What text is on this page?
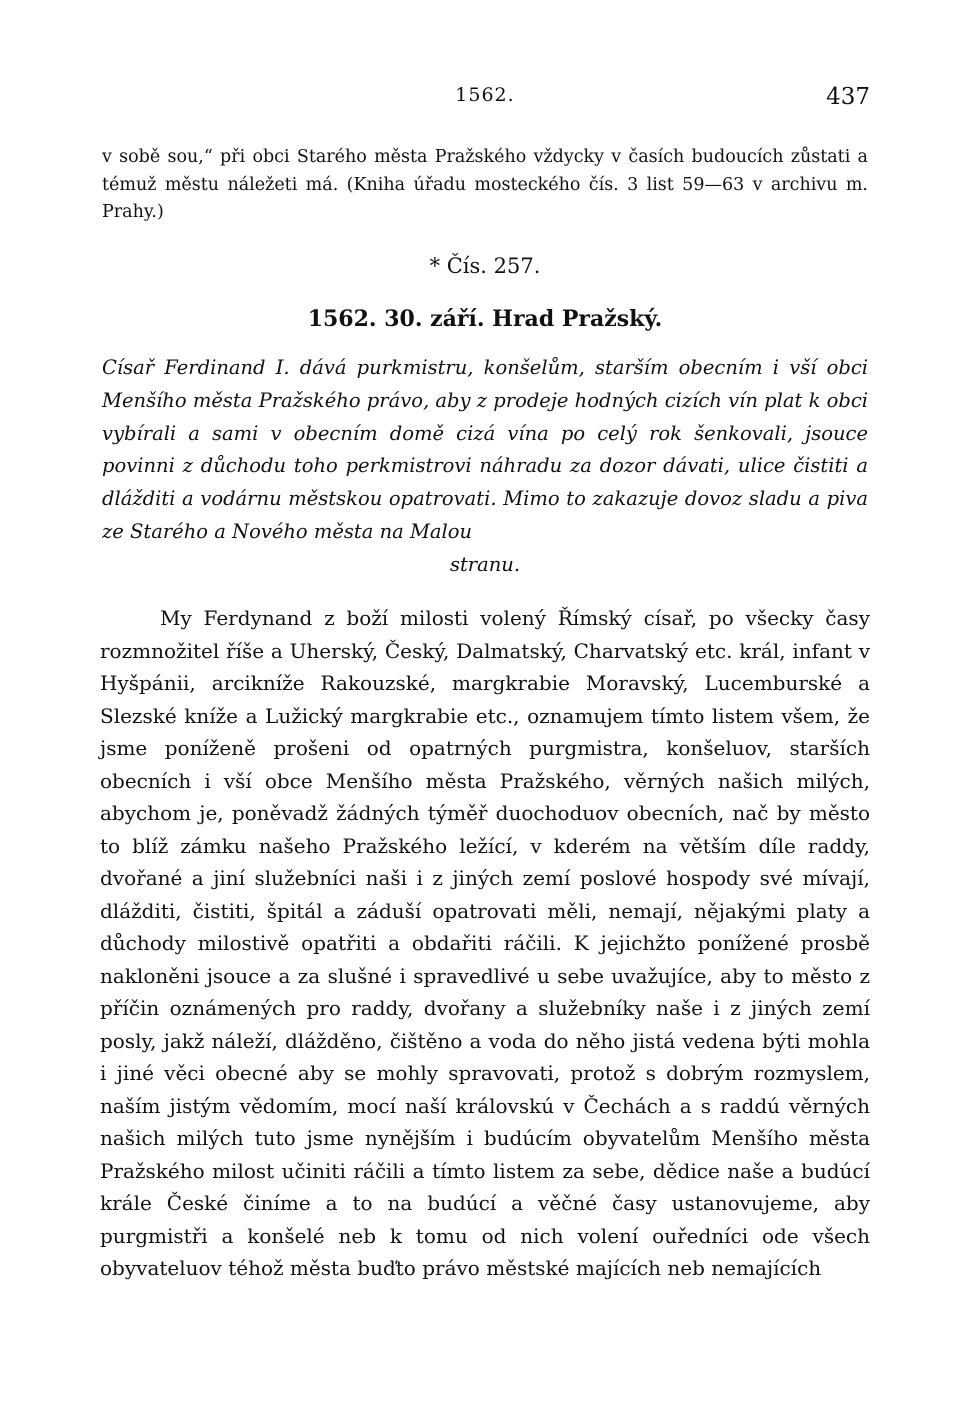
1562.	437
v sobě sou,“ při obci Starého města Pražského vždycky v časích budoucích zůstati a témuž městu náležeti má. (Kniha úřadu mosteckého čís. 3 list 59—63 v archivu m. Prahy.)
* Čís. 257.
1562. 30. září. Hrad Pražský.
Císař Ferdinand I. dává purkmistru, konšelům, starším obecním i vší obci Menšího města Pražského právo, aby z prodeje hodných cizích vín plat k obci vybírali a sami v obecním domě cizá vína po celý rok šenkovali, jsouce povinni z důchodu toho perkmistrovi náhradu za dozor dávati, ulice čistiti a dlážditi a vodárnu městskou opatrovati. Mimo to zakazuje dovoz sladu a piva ze Starého a Nového města na Malou
stranu.
My Ferdynand z boží milosti volený Římský císař, po všecky časy rozmnožitel říše a Uherský, Český, Dalmatský, Charvatský etc. král, infant v Hyšpánii, arcikníže Rakouzské, margkrabie Moravský, Lucemburské a Slezské kníže a Lužický margkrabie etc., oznamujem tímto listem všem, že jsme poníženě prošeni od opatrných purgmistra, konšeluov, starších obecních i vší obce Menšího města Pražského, věrných našich milých, abychom je, poněvadž žádných týměř duochoduov obecních, nač by město to blíž zámku našeho Pražského ležící, v kderém na větším díle raddy, dvořané a jiní služebníci naši i z jiných zemí poslové hospody své mívají, dlážditi, čistiti, špitál a záduší opatrovati měli, nemají, nějakými platy a důchody milostivě opatřiti a obdařiti ráčili. K jejichžto ponížené prosbě nakloněni jsouce a za slušné i spravedlivé u sebe uvažujíce, aby to město z příčin oznámených pro raddy, dvořany a služebníky naše i z jiných zemí posly, jakž náleží, dlážděno, čištěno a voda do něho jistá vedena býti mohla i jiné věci obecné aby se mohly spravovati, protož s dobrým rozmyslem, naším jistým vědomím, mocí naší královskú v Čechách a s raddú věrných našich milých tuto jsme nynějším i budúcím obyvatelům Menšího města Pražského milost učiniti ráčili a tímto listem za sebe, dědice naše a budúcí krále České činíme a to na budúcí a věčné časy ustanovujeme, aby purgmistři a konšelé neb k tomu od nich volení ouředníci ode všech obyvateluov téhož města buďto právo městské majících neb nemajících
